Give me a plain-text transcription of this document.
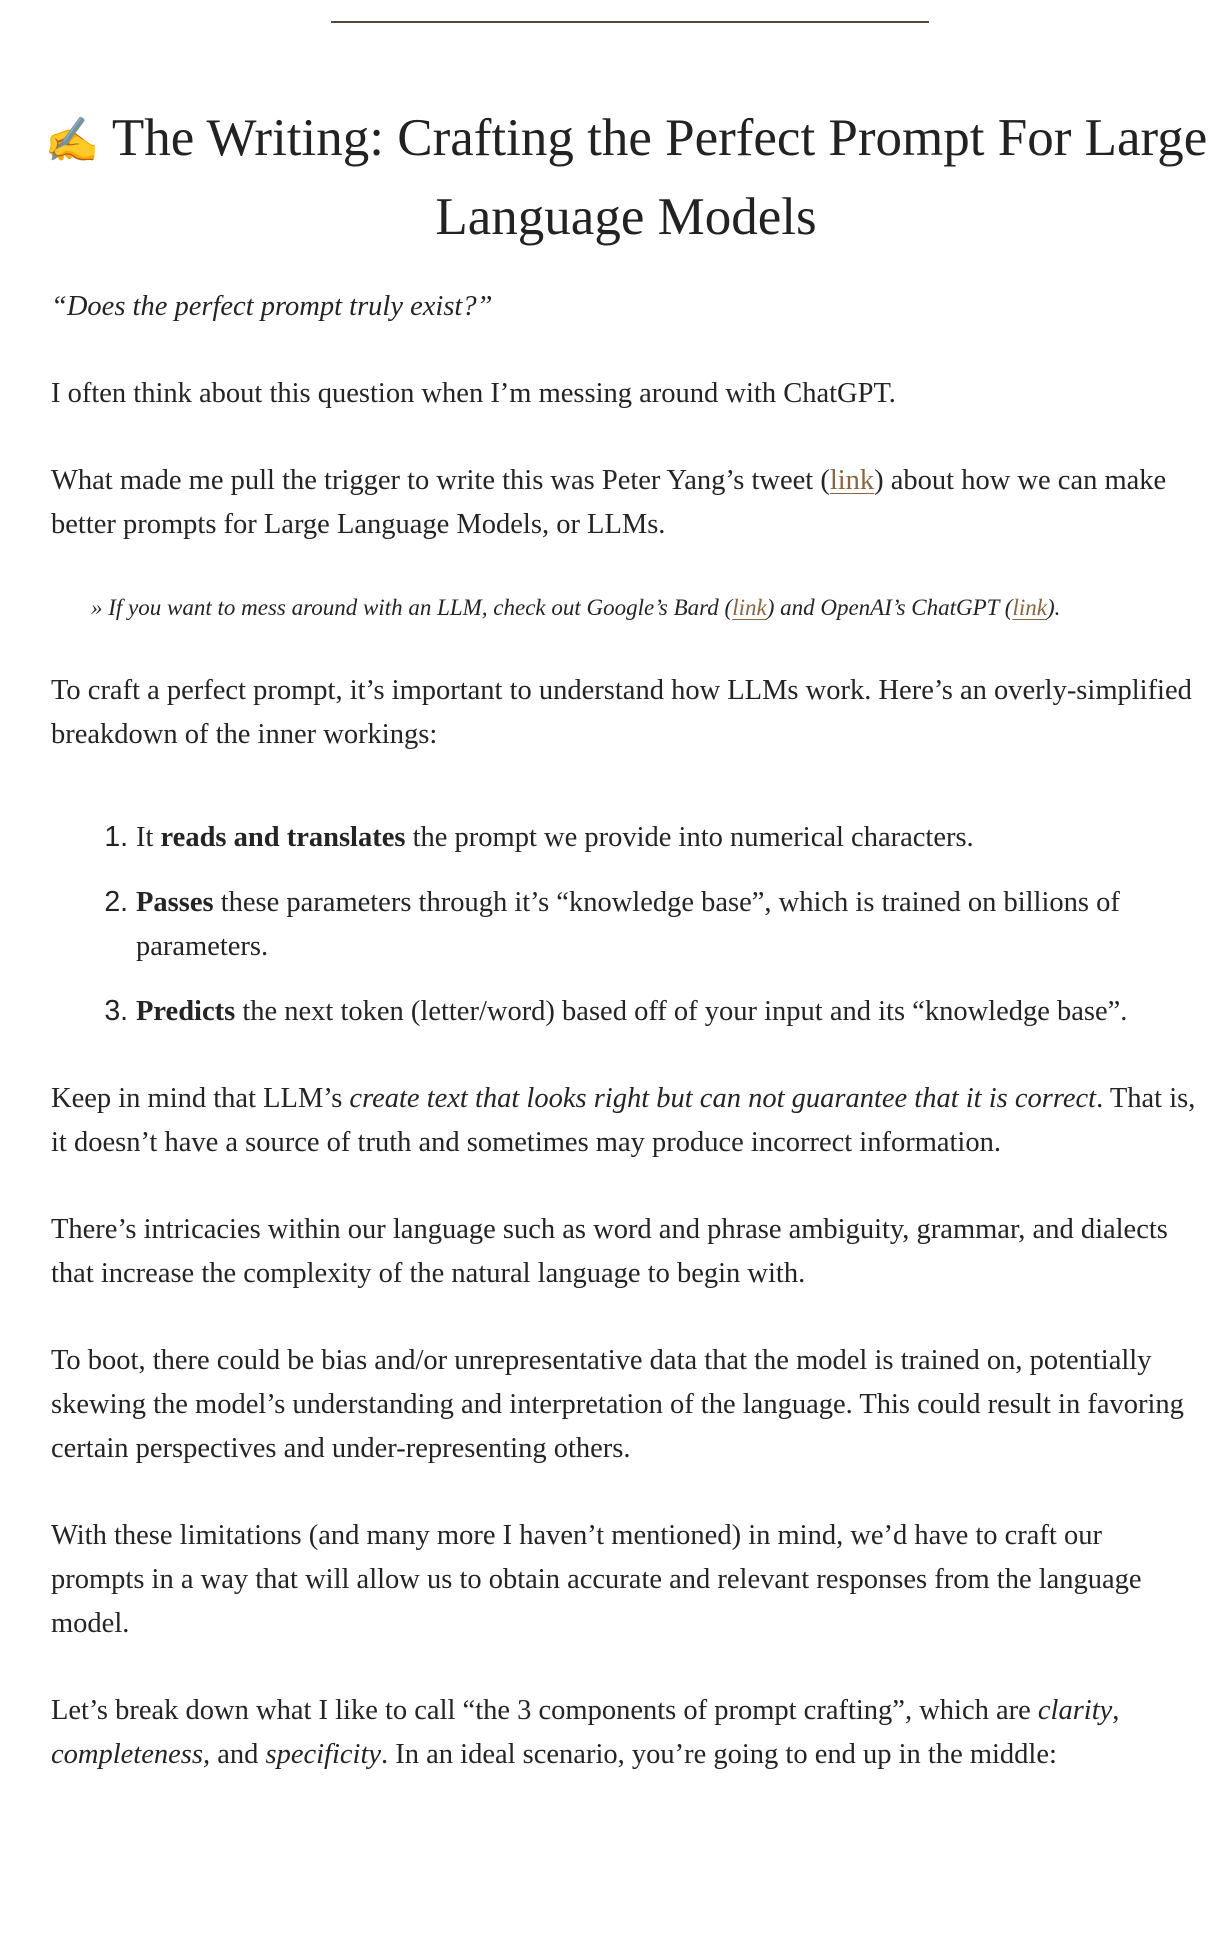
✍️ The Writing: Crafting the Perfect Prompt For Large Language Models

“Does the perfect prompt truly exist?”

I often think about this question when I’m messing around with ChatGPT.

What made me pull the trigger to write this was Peter Yang’s tweet (link) about how we can make better prompts for Large Language Models, or LLMs.

» If you want to mess around with an LLM, check out Google’s Bard (link) and OpenAI’s ChatGPT (link).

To craft a perfect prompt, it’s important to understand how LLMs work. Here’s an overly-simplified breakdown of the inner workings:

1. It reads and translates the prompt we provide into numerical characters.
2. Passes these parameters through it’s “knowledge base”, which is trained on billions of parameters.
3. Predicts the next token (letter/word) based off of your input and its “knowledge base”.

Keep in mind that LLM’s create text that looks right but can not guarantee that it is correct. That is, it doesn’t have a source of truth and sometimes may produce incorrect information.

There’s intricacies within our language such as word and phrase ambiguity, grammar, and dialects that increase the complexity of the natural language to begin with.

To boot, there could be bias and/or unrepresentative data that the model is trained on, potentially skewing the model’s understanding and interpretation of the language. This could result in favoring certain perspectives and under-representing others.

With these limitations (and many more I haven’t mentioned) in mind, we’d have to craft our prompts in a way that will allow us to obtain accurate and relevant responses from the language model.

Let’s break down what I like to call “the 3 components of prompt crafting”, which are clarity, completeness, and specificity. In an ideal scenario, you’re going to end up in the middle:
